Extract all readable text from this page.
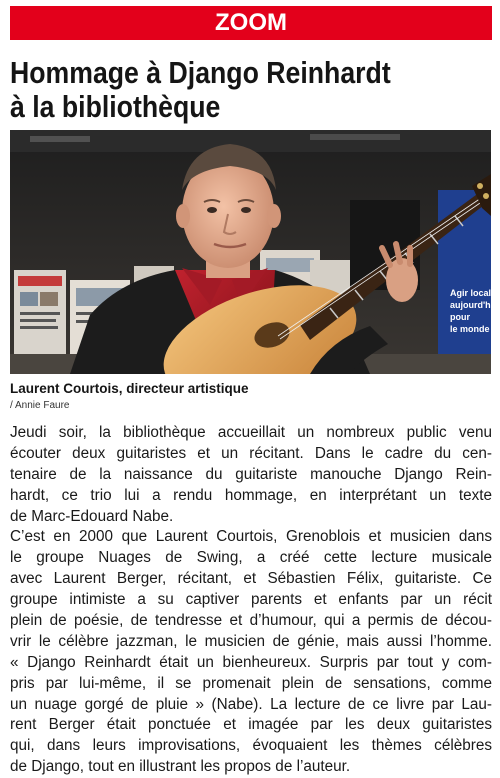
ZOOM
Hommage à Django Reinhardt
à la bibliothèque
Agir local
aujourd'h
pour
le monde
Laurent Courtois, directeur artistique
/ Annie Faure
Jeudi soir, la bibliothèque accueillait un nombreux public venu
écouter deux guitaristes et un récitant. Dans le cadre du cen-
tenaire de la naissance du guitariste manouche Django Rein-
hardt, ce trio lui a rendu hommage, en interprétant un texte
de Marc-Edouard Nabe.
C’est en 2000 que Laurent Courtois, Grenoblois et musicien dans
le groupe Nuages de Swing, a créé cette lecture musicale
avec Laurent Berger, récitant, et Sébastien Félix, guitariste. Ce
groupe intimiste a su captiver parents et enfants par un récit
plein de poésie, de tendresse et d’humour, qui a permis de décou-
vrir le célèbre jazzman, le musicien de génie, mais aussi l’homme.
« Django Reinhardt était un bienheureux. Surpris par tout y com-
pris par lui-même, il se promenait plein de sensations, comme
un nuage gorgé de pluie » (Nabe). La lecture de ce livre par Lau-
rent Berger était ponctuée et imagée par les deux guitaristes
qui, dans leurs improvisations, évoquaient les thèmes célèbres
de Django, tout en illustrant les propos de l’auteur.
